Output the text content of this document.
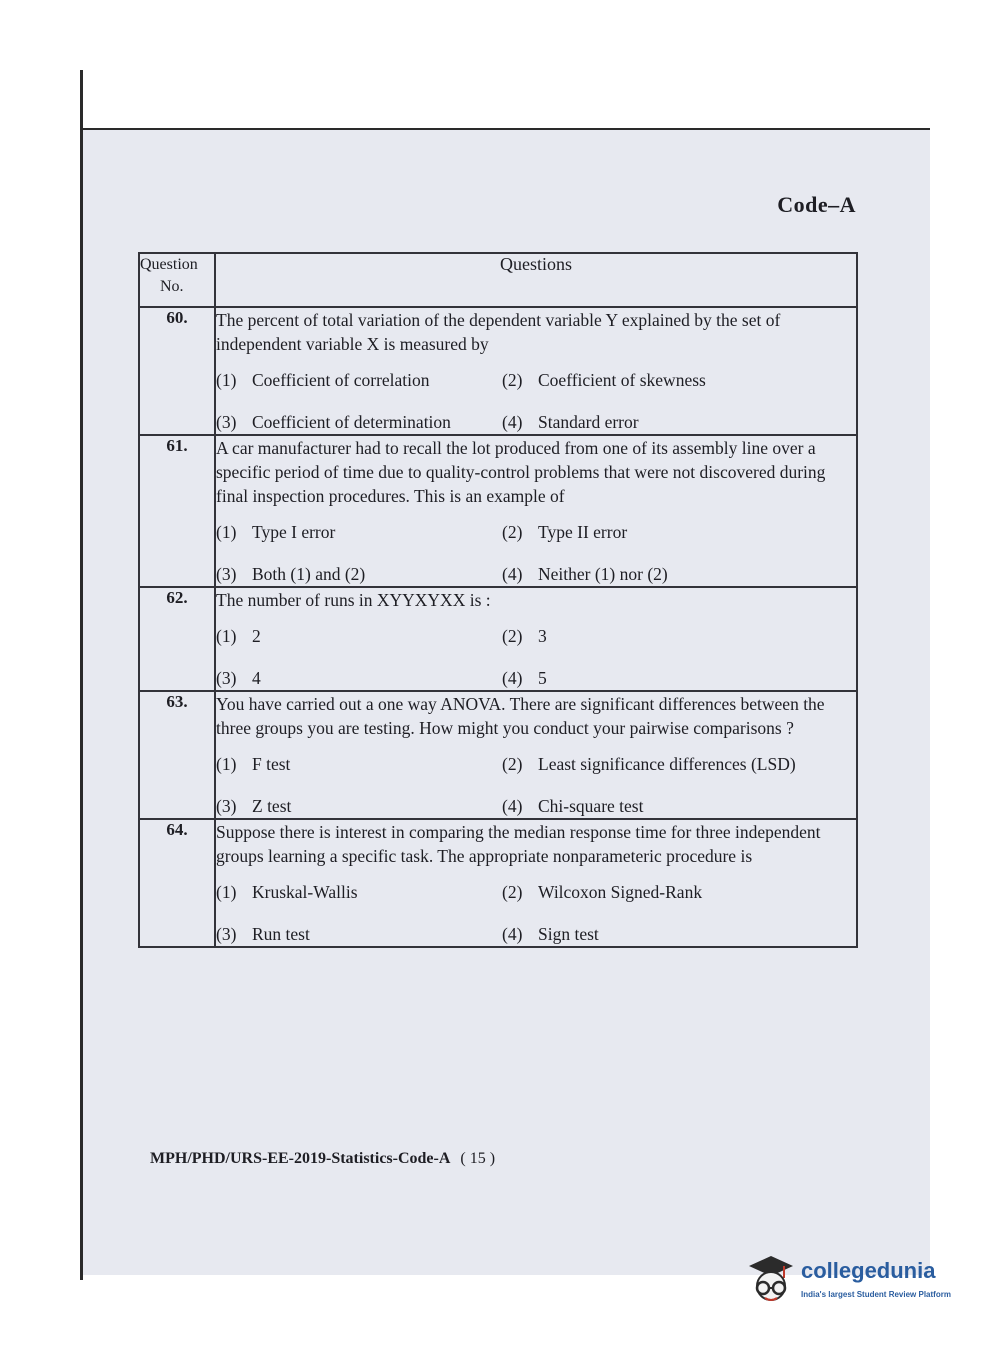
Code–A
Question
No.	Questions
60.	The percent of total variation of the dependent variable Y explained by the set of independent variable X is measured by
(1) Coefficient of correlation (2) Coefficient of skewness
(3) Coefficient of determination (4) Standard error

61.	A car manufacturer had to recall the lot produced from one of its assembly line over a specific period of time due to quality-control problems that were not discovered during final inspection procedures. This is an example of
(1) Type I error (2) Type II error
(3) Both (1) and (2) (4) Neither (1) nor (2)

62.	The number of runs in XYYXYXX is :
(1) 2 (2) 3
(3) 4 (4) 5

63.	You have carried out a one way ANOVA. There are significant differences between the three groups you are testing. How might you conduct your pairwise comparisons ?
(1) F test (2) Least significance differences (LSD)
(3) Z test (4) Chi-square test

64.	Suppose there is interest in comparing the median response time for three independent groups learning a specific task. The appropriate nonparameteric procedure is
(1) Kruskal-Wallis (2) Wilcoxon Signed-Rank
(3) Run test (4) Sign test
MPH/PHD/URS-EE-2019-Statistics-Code-A ( 15 )
collegedunia
India's largest Student Review Platform
